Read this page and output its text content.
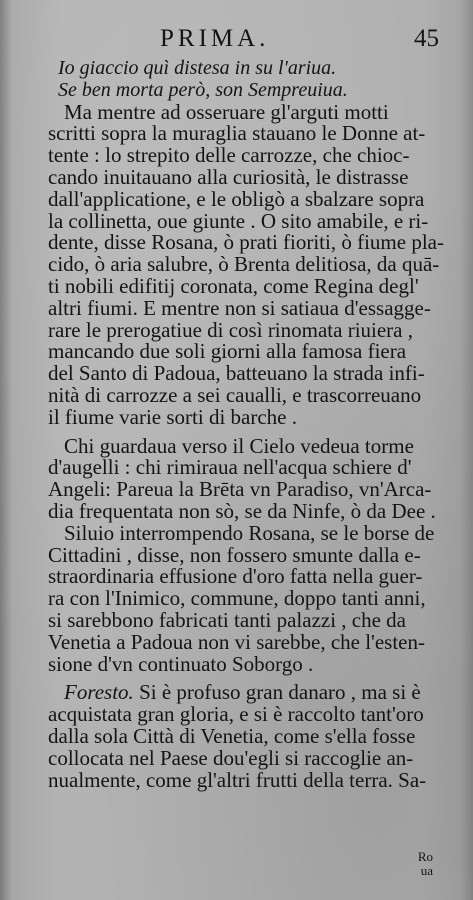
PRIMA.	45
Io giaccio quì distesa in su l'ariua.
Se ben morta però, son Sempreuiua.
Ma mentre ad osseruare gl'arguti motti
scritti sopra la muraglia stauano le Donne at-
tente : lo strepito delle carrozze, che chioc-
cando inuitauano alla curiosità, le distrasse
dall'applicatione, e le obligò a sbalzare sopra
la collinetta, oue giunte . O sito amabile, e ri-
dente, disse Rosana, ò prati fioriti, ò fiume pla-
cido, ò aria salubre, ò Brenta delitiosa, da quā-
ti nobili edifitij coronata, come Regina degl'
altri fiumi. E mentre non si satiaua d'essagge-
rare le prerogatiue di così rinomata riuiera ,
mancando due soli giorni alla famosa fiera
del Santo di Padoua, batteuano la strada infi-
nità di carrozze a sei caualli, e trascorreuano
il fiume varie sorti di barche .
Chi guardaua verso il Cielo vedeua torme
d'augelli : chi rimiraua nell'acqua schiere d'
Angeli: Pareua la Brēta vn Paradiso, vn'Arca-
dia frequentata non sò, se da Ninfe, ò da Dee .
Siluio interrompendo Rosana, se le borse de
Cittadini , disse, non fossero smunte dalla e-
straordinaria effusione d'oro fatta nella guer-
ra con l'Inimico, commune, doppo tanti anni,
si sarebbono fabricati tanti palazzi , che da
Venetia a Padoua non vi sarebbe, che l'esten-
sione d'vn continuato Soborgo .
Foresto. Si è profuso gran danaro , ma si è
acquistata gran gloria, e si è raccolto tant'oro
dalla sola Città di Venetia, come s'ella fosse
collocata nel Paese dou'egli si raccoglie an-
nualmente, come gl'altri frutti della terra. Sa-
Ro
ua
